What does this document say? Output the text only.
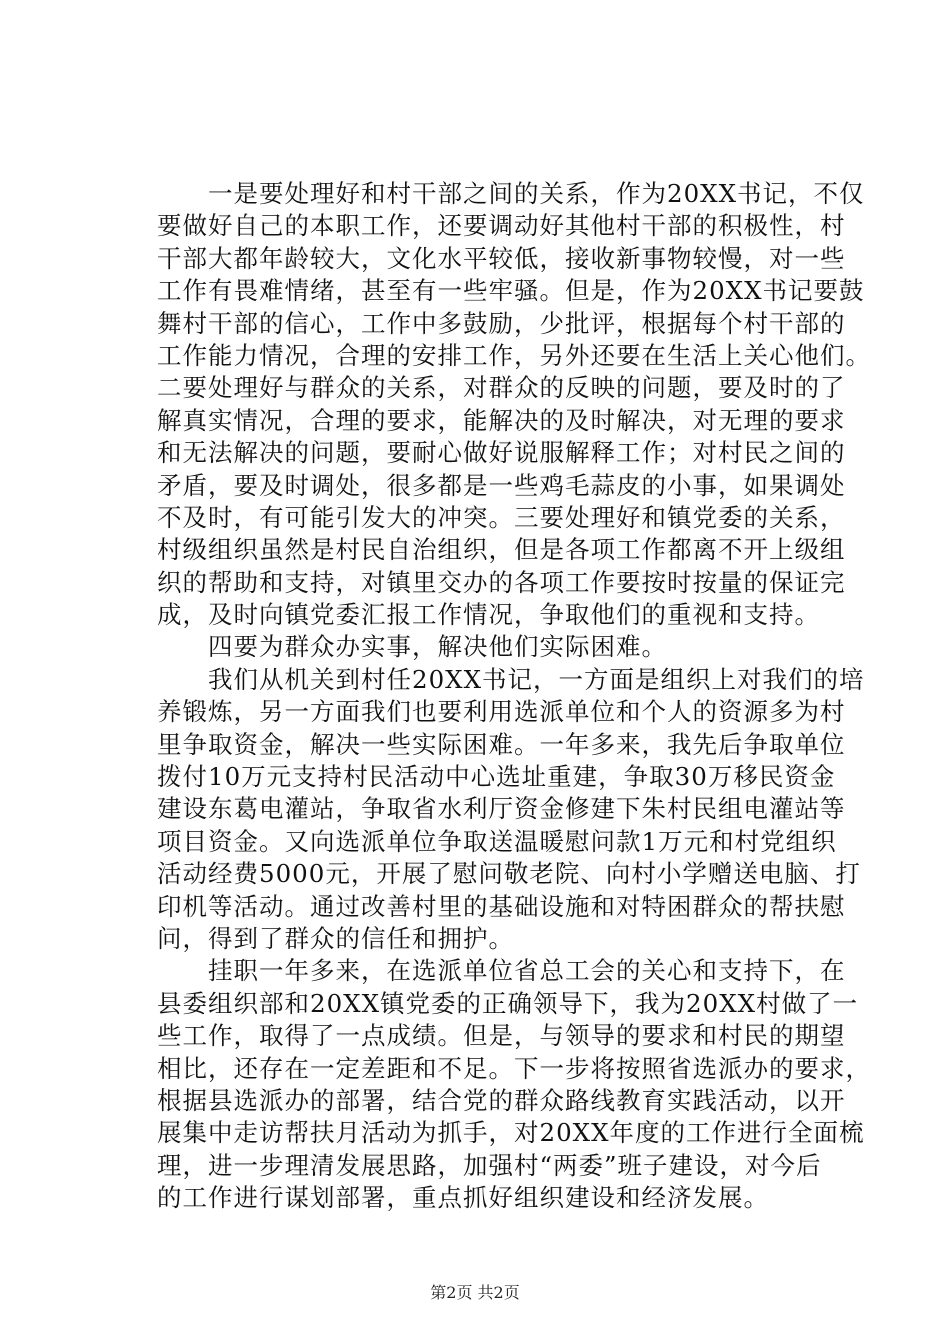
　　一是要处理好和村干部之间的关系，作为20XX书记，不仅
要做好自己的本职工作，还要调动好其他村干部的积极性，村
干部大都年龄较大，文化水平较低，接收新事物较慢，对一些
工作有畏难情绪，甚至有一些牢骚。但是，作为20XX书记要鼓
舞村干部的信心，工作中多鼓励，少批评，根据每个村干部的
工作能力情况，合理的安排工作，另外还要在生活上关心他们。
二要处理好与群众的关系，对群众的反映的问题，要及时的了
解真实情况，合理的要求，能解决的及时解决，对无理的要求
和无法解决的问题，要耐心做好说服解释工作；对村民之间的
矛盾，要及时调处，很多都是一些鸡毛蒜皮的小事，如果调处
不及时，有可能引发大的冲突。三要处理好和镇党委的关系，
村级组织虽然是村民自治组织，但是各项工作都离不开上级组
织的帮助和支持，对镇里交办的各项工作要按时按量的保证完
成，及时向镇党委汇报工作情况，争取他们的重视和支持。
　　四要为群众办实事，解决他们实际困难。
　　我们从机关到村任20XX书记，一方面是组织上对我们的培
养锻炼，另一方面我们也要利用选派单位和个人的资源多为村
里争取资金，解决一些实际困难。一年多来，我先后争取单位
拨付10万元支持村民活动中心选址重建，争取30万移民资金
建设东葛电灌站，争取省水利厅资金修建下朱村民组电灌站等
项目资金。又向选派单位争取送温暖慰问款1万元和村党组织
活动经费5000元，开展了慰问敬老院、向村小学赠送电脑、打
印机等活动。通过改善村里的基础设施和对特困群众的帮扶慰
问，得到了群众的信任和拥护。
　　挂职一年多来，在选派单位省总工会的关心和支持下，在
县委组织部和20XX镇党委的正确领导下，我为20XX村做了一
些工作，取得了一点成绩。但是，与领导的要求和村民的期望
相比，还存在一定差距和不足。下一步将按照省选派办的要求，
根据县选派办的部署，结合党的群众路线教育实践活动，以开
展集中走访帮扶月活动为抓手，对20XX年度的工作进行全面梳
理，进一步理清发展思路，加强村“两委”班子建设，对今后
的工作进行谋划部署，重点抓好组织建设和经济发展。
第2页 共2页
